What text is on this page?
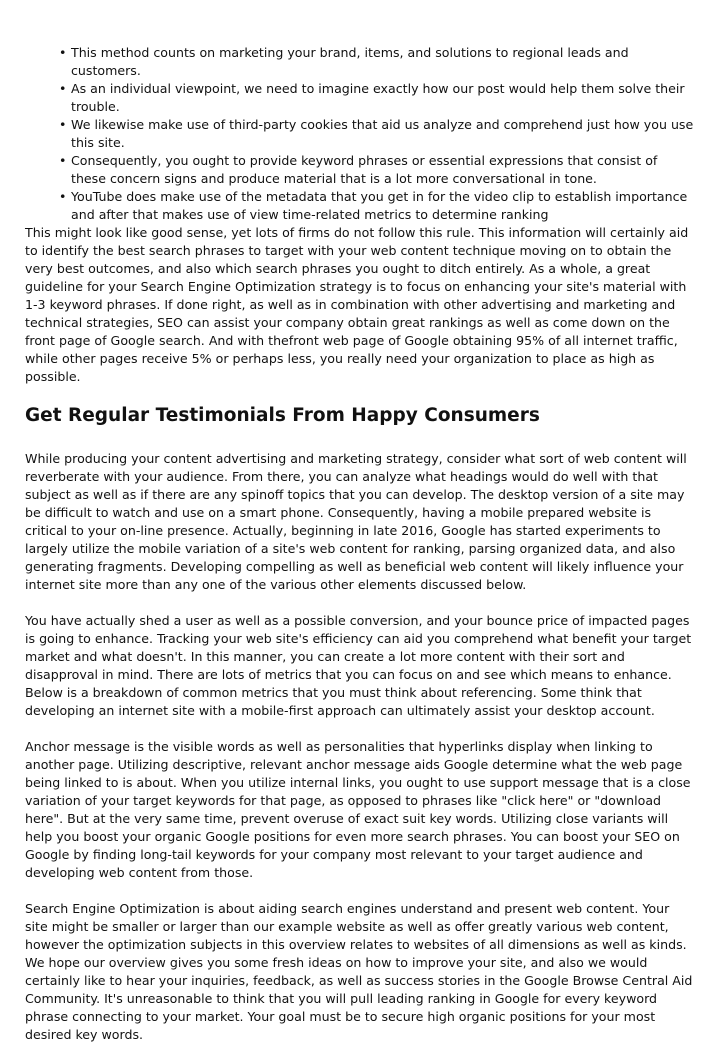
• This method counts on marketing your brand, items, and solutions to regional leads and customers.
• As an individual viewpoint, we need to imagine exactly how our post would help them solve their trouble.
• We likewise make use of third-party cookies that aid us analyze and comprehend just how you use this site.
• Consequently, you ought to provide keyword phrases or essential expressions that consist of these concern signs and produce material that is a lot more conversational in tone.
• YouTube does make use of the metadata that you get in for the video clip to establish importance and after that makes use of view time-related metrics to determine ranking

This might look like good sense, yet lots of firms do not follow this rule. This information will certainly aid to identify the best search phrases to target with your web content technique moving on to obtain the very best outcomes, and also which search phrases you ought to ditch entirely. As a whole, a great guideline for your Search Engine Optimization strategy is to focus on enhancing your site's material with 1-3 keyword phrases. If done right, as well as in combination with other advertising and marketing and technical strategies, SEO can assist your company obtain great rankings as well as come down on the front page of Google search. And with thefront web page of Google obtaining 95% of all internet traffic, while other pages receive 5% or perhaps less, you really need your organization to place as high as possible.

Get Regular Testimonials From Happy Consumers

While producing your content advertising and marketing strategy, consider what sort of web content will reverberate with your audience. From there, you can analyze what headings would do well with that subject as well as if there are any spinoff topics that you can develop. The desktop version of a site may be difficult to watch and use on a smart phone. Consequently, having a mobile prepared website is critical to your on-line presence. Actually, beginning in late 2016, Google has started experiments to largely utilize the mobile variation of a site's web content for ranking, parsing organized data, and also generating fragments. Developing compelling as well as beneficial web content will likely influence your internet site more than any one of the various other elements discussed below.

You have actually shed a user as well as a possible conversion, and your bounce price of impacted pages is going to enhance. Tracking your web site's efficiency can aid you comprehend what benefit your target market and what doesn't. In this manner, you can create a lot more content with their sort and disapproval in mind. There are lots of metrics that you can focus on and see which means to enhance. Below is a breakdown of common metrics that you must think about referencing. Some think that developing an internet site with a mobile-first approach can ultimately assist your desktop account.

Anchor message is the visible words as well as personalities that hyperlinks display when linking to another page. Utilizing descriptive, relevant anchor message aids Google determine what the web page being linked to is about. When you utilize internal links, you ought to use support message that is a close variation of your target keywords for that page, as opposed to phrases like "click here" or "download here". But at the very same time, prevent overuse of exact suit key words. Utilizing close variants will help you boost your organic Google positions for even more search phrases. You can boost your SEO on Google by finding long-tail keywords for your company most relevant to your target audience and developing web content from those.

Search Engine Optimization is about aiding search engines understand and present web content. Your site might be smaller or larger than our example website as well as offer greatly various web content, however the optimization subjects in this overview relates to websites of all dimensions as well as kinds. We hope our overview gives you some fresh ideas on how to improve your site, and also we would certainly like to hear your inquiries, feedback, as well as success stories in the Google Browse Central Aid Community. It's unreasonable to think that you will pull leading ranking in Google for every keyword phrase connecting to your market. Your goal must be to secure high organic positions for your most desired key words.
